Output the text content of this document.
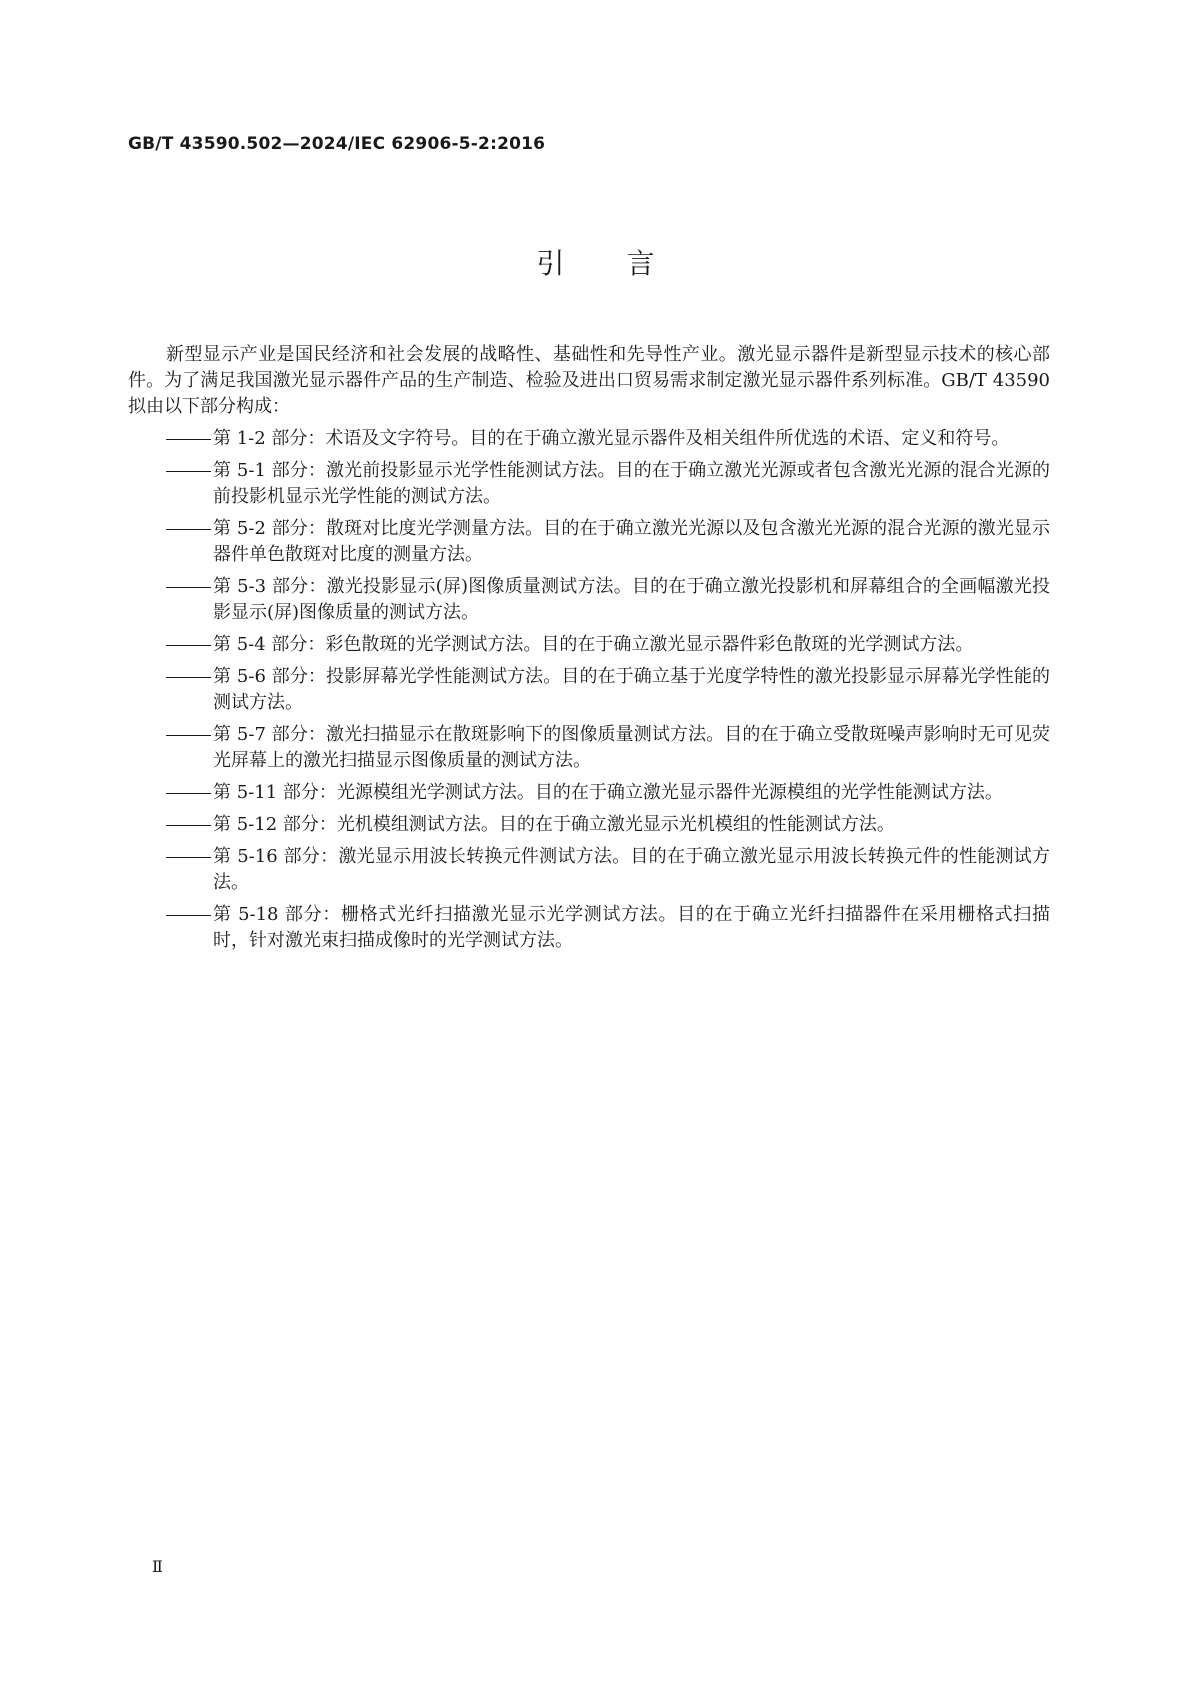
GB/T 43590.502—2024/IEC 62906-5-2:2016
引言

新型显示产业是国民经济和社会发展的战略性、基础性和先导性产业。激光显示器件是新型显示技术的核心部件。为了满足我国激光显示器件产品的生产制造、检验及进出口贸易需求制定激光显示器件系列标准。GB/T 43590 拟由以下部分构成：

第 1-2 部分：术语及文字符号。目的在于确立激光显示器件及相关组件所优选的术语、定义和符号。
第 5-1 部分：激光前投影显示光学性能测试方法。目的在于确立激光光源或者包含激光光源的混合光源的前投影机显示光学性能的测试方法。
第 5-2 部分：散斑对比度光学测量方法。目的在于确立激光光源以及包含激光光源的混合光源的激光显示器件单色散斑对比度的测量方法。
第 5-3 部分：激光投影显示(屏)图像质量测试方法。目的在于确立激光投影机和屏幕组合的全画幅激光投影显示(屏)图像质量的测试方法。
第 5-4 部分：彩色散斑的光学测试方法。目的在于确立激光显示器件彩色散斑的光学测试方法。
第 5-6 部分：投影屏幕光学性能测试方法。目的在于确立基于光度学特性的激光投影显示屏幕光学性能的测试方法。
第 5-7 部分：激光扫描显示在散斑影响下的图像质量测试方法。目的在于确立受散斑噪声影响时无可见荧光屏幕上的激光扫描显示图像质量的测试方法。
第 5-11 部分：光源模组光学测试方法。目的在于确立激光显示器件光源模组的光学性能测试方法。
第 5-12 部分：光机模组测试方法。目的在于确立激光显示光机模组的性能测试方法。
第 5-16 部分：激光显示用波长转换元件测试方法。目的在于确立激光显示用波长转换元件的性能测试方法。
第 5-18 部分：栅格式光纤扫描激光显示光学测试方法。目的在于确立光纤扫描器件在采用栅格式扫描时，针对激光束扫描成像时的光学测试方法。
Ⅱ
